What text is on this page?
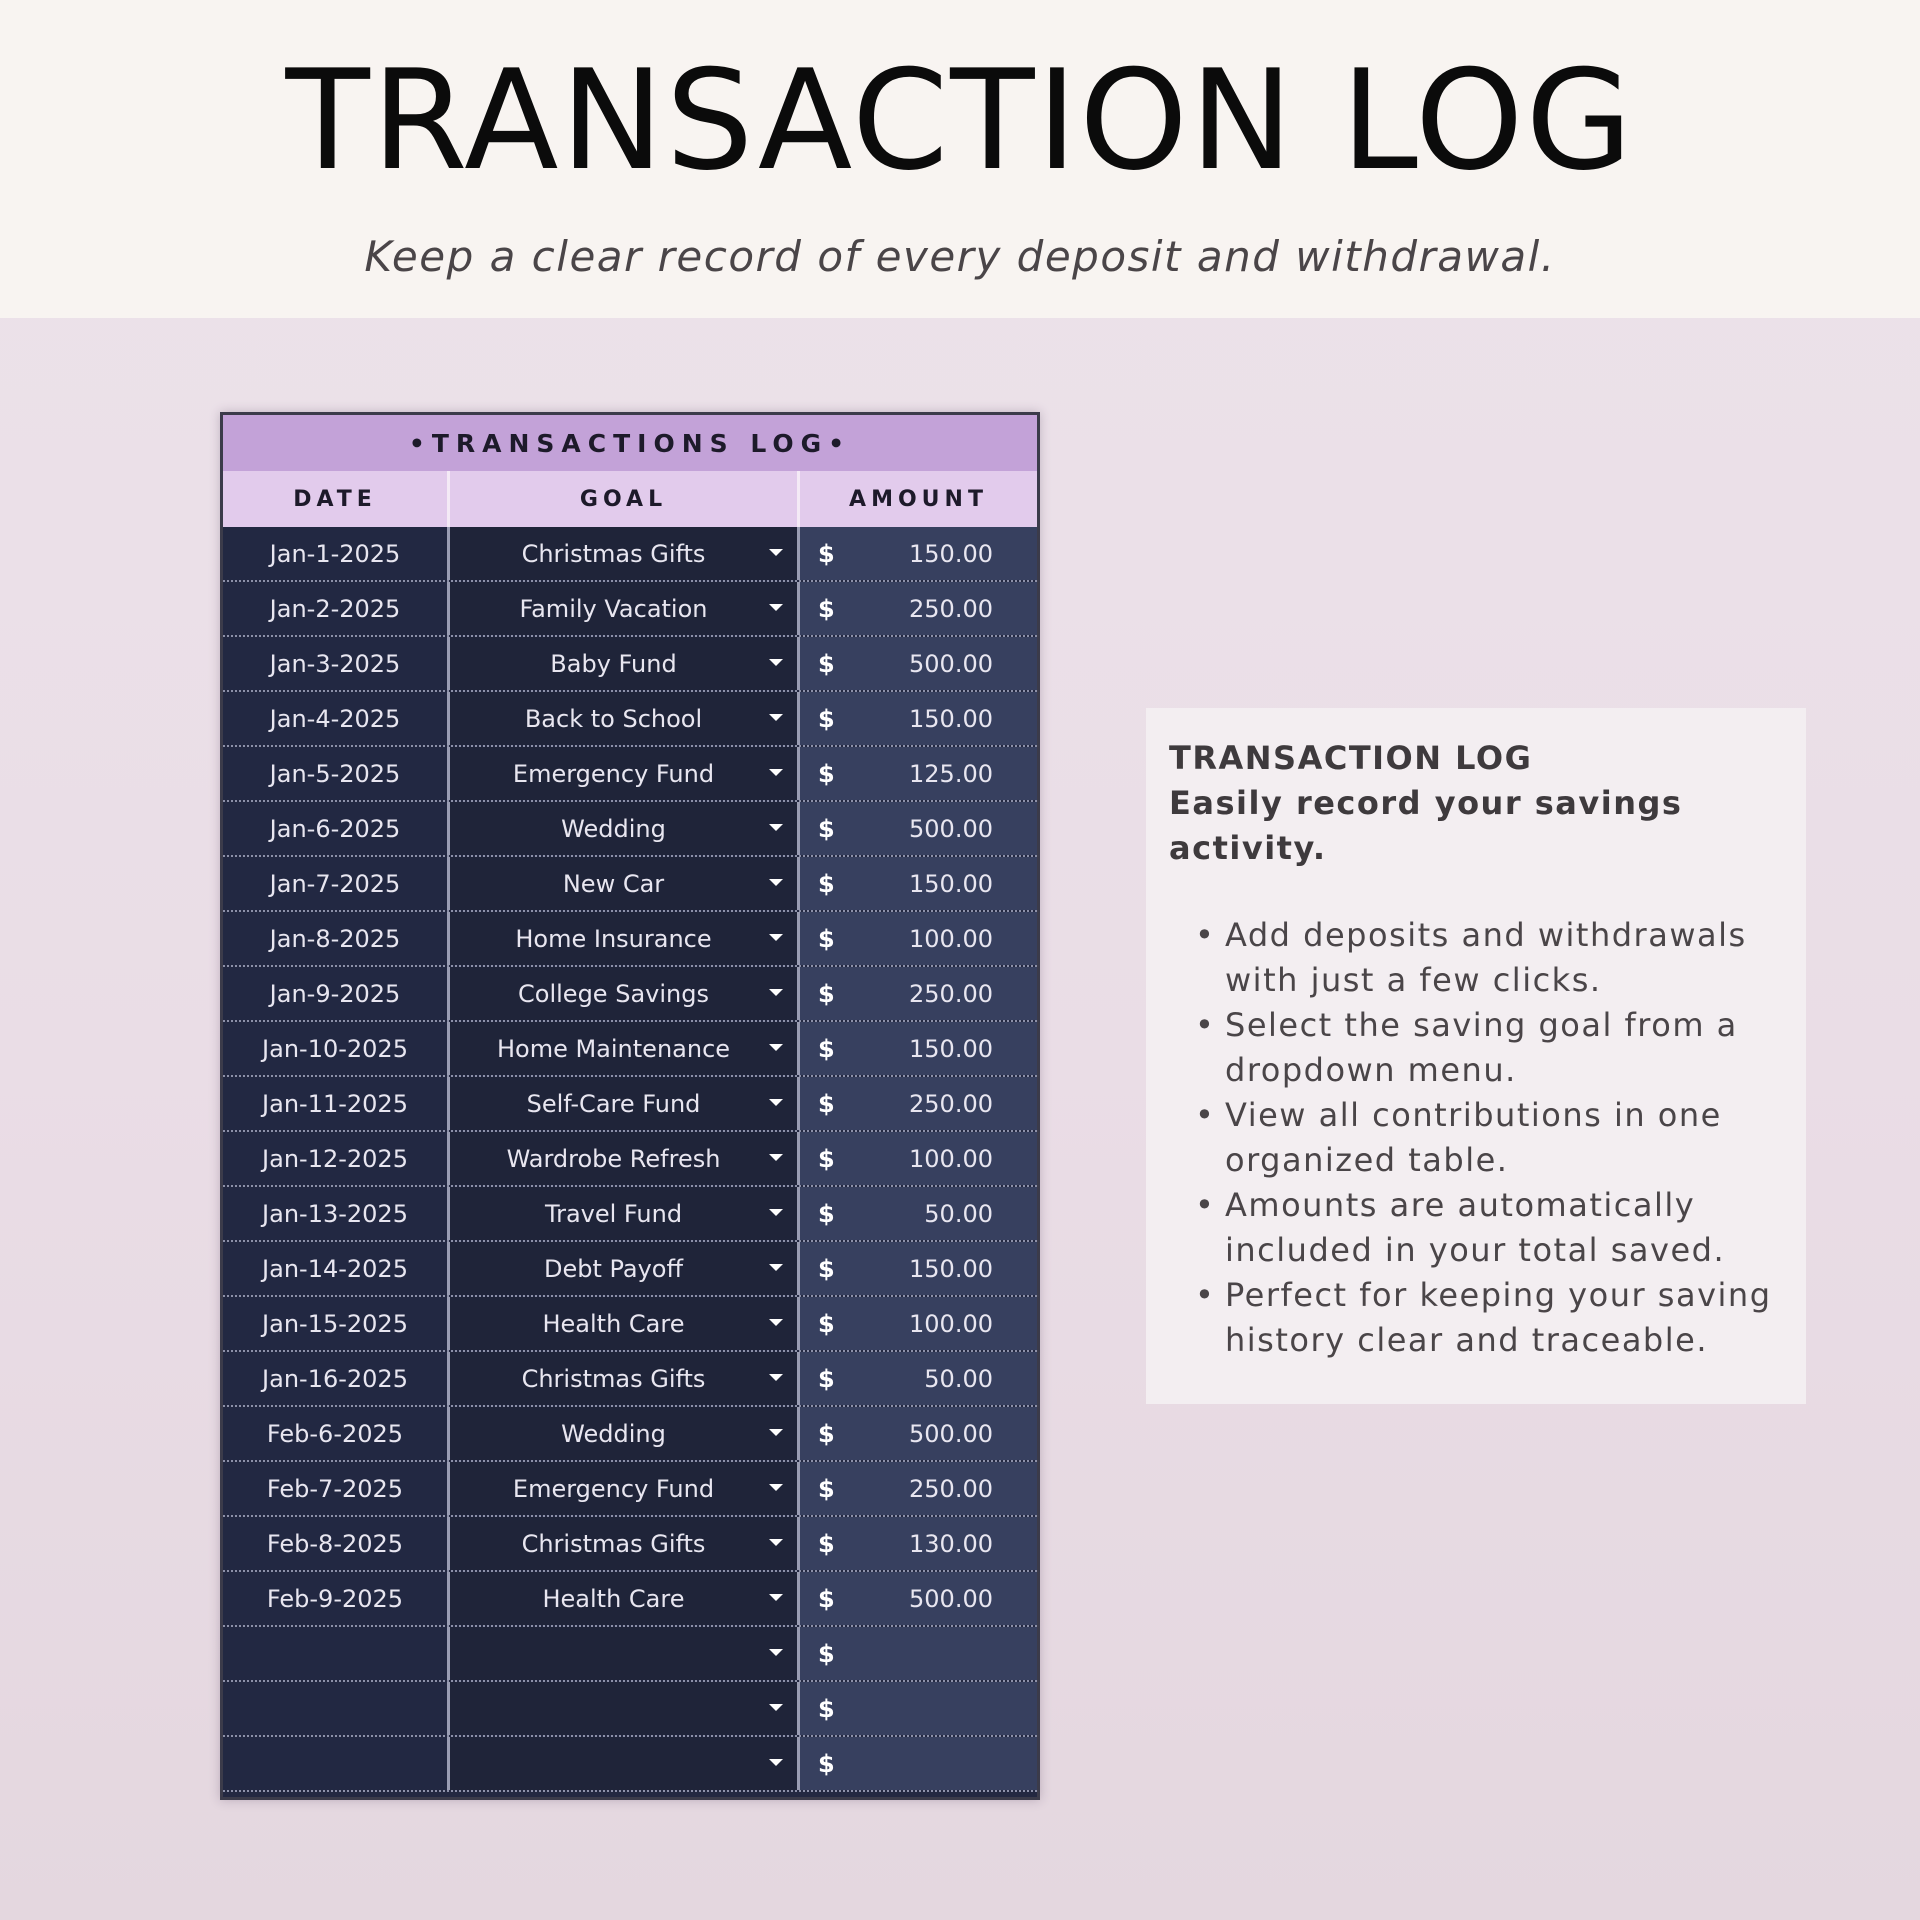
TRANSACTION LOG
Keep a clear record of every deposit and withdrawal.
•TRANSACTIONS LOG•
DATE	GOAL	AMOUNT
Jan-1-2025	Christmas Gifts	$	150.00
Jan-2-2025	Family Vacation	$	250.00
Jan-3-2025	Baby Fund	$	500.00
Jan-4-2025	Back to School	$	150.00
Jan-5-2025	Emergency Fund	$	125.00
Jan-6-2025	Wedding	$	500.00
Jan-7-2025	New Car	$	150.00
Jan-8-2025	Home Insurance	$	100.00
Jan-9-2025	College Savings	$	250.00
Jan-10-2025	Home Maintenance	$	150.00
Jan-11-2025	Self-Care Fund	$	250.00
Jan-12-2025	Wardrobe Refresh	$	100.00
Jan-13-2025	Travel Fund	$	50.00
Jan-14-2025	Debt Payoff	$	150.00
Jan-15-2025	Health Care	$	100.00
Jan-16-2025	Christmas Gifts	$	50.00
Feb-6-2025	Wedding	$	500.00
Feb-7-2025	Emergency Fund	$	250.00
Feb-8-2025	Christmas Gifts	$	130.00
Feb-9-2025	Health Care	$	500.00
$
$
$

TRANSACTION LOG

Easily record your savings activity.

• Add deposits and withdrawals with just a few clicks.
• Select the saving goal from a dropdown menu.
• View all contributions in one organized table.
• Amounts are automatically included in your total saved.
• Perfect for keeping your saving history clear and traceable.
